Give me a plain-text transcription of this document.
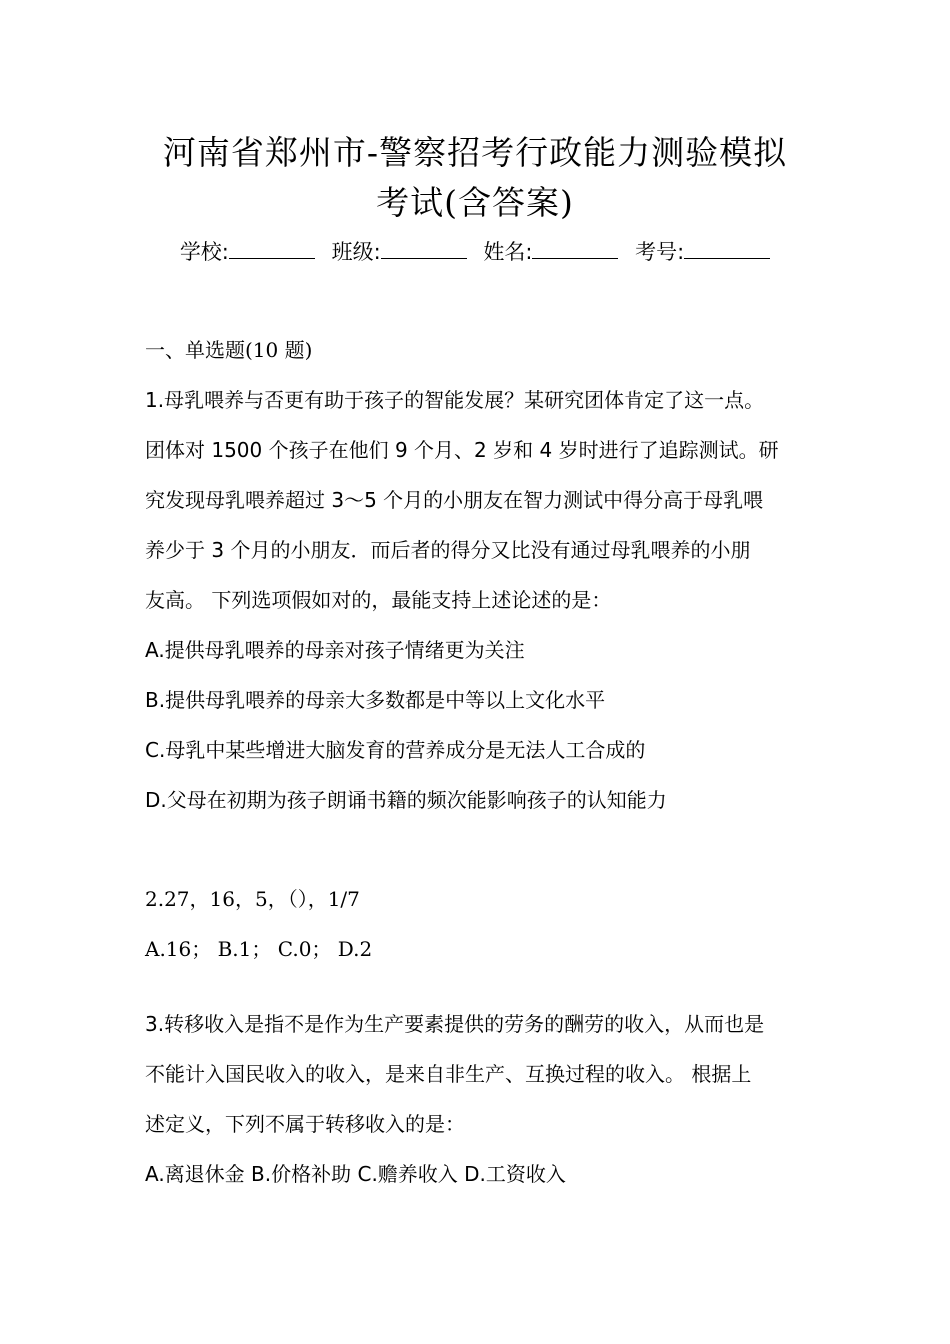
河南省郑州市-警察招考行政能力测验模拟
考试(含答案)
学校:	班级:	姓名:	考号:
一、单选题(10 题)
1.母乳喂养与否更有助于孩子的智能发展？某研究团体肯定了这一点。
团体对 1500 个孩子在他们 9 个月、2 岁和 4 岁时进行了追踪测试。研
究发现母乳喂养超过 3～5 个月的小朋友在智力测试中得分高于母乳喂
养少于 3 个月的小朋友．而后者的得分又比没有通过母乳喂养的小朋
友高。 下列选项假如对的，最能支持上述论述的是：
A.提供母乳喂养的母亲对孩子情绪更为关注
B.提供母乳喂养的母亲大多数都是中等以上文化水平
C.母乳中某些增进大脑发育的营养成分是无法人工合成的
D.父母在初期为孩子朗诵书籍的频次能影响孩子的认知能力
2.27，16，5，（），1/7
A.16； B.1； C.0； D.2
3.转移收入是指不是作为生产要素提供的劳务的酬劳的收入，从而也是
不能计入国民收入的收入，是来自非生产、互换过程的收入。 根据上
述定义，下列不属于转移收入的是：
A.离退休金 B.价格补助 C.赡养收入 D.工资收入
